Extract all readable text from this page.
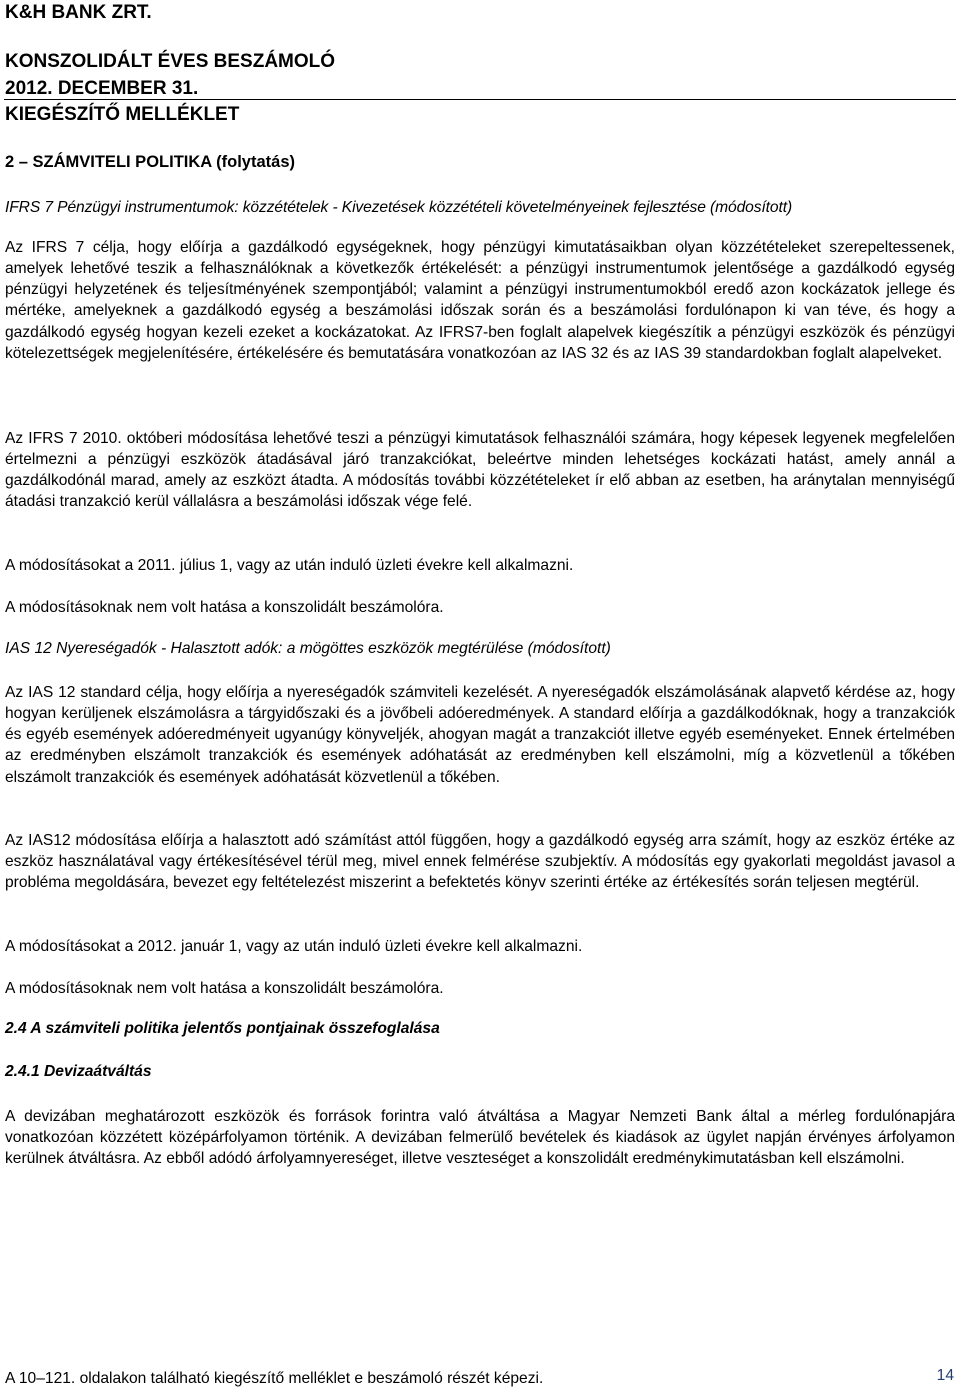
K&H BANK ZRT.
KONSZOLIDÁLT ÉVES BESZÁMOLÓ
2012. DECEMBER 31.
KIEGÉSZÍTŐ MELLÉKLET
2 – SZÁMVITELI POLITIKA (folytatás)
IFRS 7 Pénzügyi instrumentumok: közzétételek - Kivezetések közzétételi követelményeinek fejlesztése (módosított)

Az IFRS 7 célja, hogy előírja a gazdálkodó egységeknek, hogy pénzügyi kimutatásaikban olyan közzétételeket szerepeltessenek, amelyek lehetővé teszik a felhasználóknak a következők értékelését: a pénzügyi instrumentumok jelentősége a gazdálkodó egység pénzügyi helyzetének és teljesítményének szempontjából; valamint a pénzügyi instrumentumokból eredő azon kockázatok jellege és mértéke, amelyeknek a gazdálkodó egység a beszámolási időszak során és a beszámolási fordulónapon ki van téve, és hogy a gazdálkodó egység hogyan kezeli ezeket a kockázatokat. Az IFRS7-ben foglalt alapelvek kiegészítik a pénzügyi eszközök és pénzügyi kötelezettségek megjelenítésére, értékelésére és bemutatására vonatkozóan az IAS 32 és az IAS 39 standardokban foglalt alapelveket.

Az IFRS 7 2010. októberi módosítása lehetővé teszi a pénzügyi kimutatások felhasználói számára, hogy képesek legyenek megfelelően értelmezni a pénzügyi eszközök átadásával járó tranzakciókat, beleértve minden lehetséges kockázati hatást, amely annál a gazdálkodónál marad, amely az eszközt átadta. A módosítás további közzétételeket ír elő abban az esetben, ha aránytalan mennyiségű átadási tranzakció kerül vállalásra a beszámolási időszak vége felé.

A módosításokat a 2011. július 1, vagy az után induló üzleti évekre kell alkalmazni.
A módosításoknak nem volt hatása a konszolidált beszámolóra.
IAS 12 Nyereségadók - Halasztott adók: a mögöttes eszközök megtérülése (módosított)

Az IAS 12 standard célja, hogy előírja a nyereségadók számviteli kezelését. A nyereségadók elszámolásának alapvető kérdése az, hogy hogyan kerüljenek elszámolásra a tárgyidőszaki és a jövőbeli adóeredmények. A standard előírja a gazdálkodóknak, hogy a tranzakciók és egyéb események adóeredményeit ugyanúgy könyveljék, ahogyan magát a tranzakciót illetve egyéb eseményeket. Ennek értelmében az eredményben elszámolt tranzakciók és események adóhatását az eredményben kell elszámolni, míg a közvetlenül a tőkében elszámolt tranzakciók és események adóhatását közvetlenül a tőkében.

Az IAS12 módosítása előírja a halasztott adó számítást attól függően, hogy a gazdálkodó egység arra számít, hogy az eszköz értéke az eszköz használatával vagy értékesítésével térül meg, mivel ennek felmérése szubjektív. A módosítás egy gyakorlati megoldást javasol a probléma megoldására, bevezet egy feltételezést miszerint a befektetés könyv szerinti értéke az értékesítés során teljesen megtérül.

A módosításokat a 2012. január 1, vagy az után induló üzleti évekre kell alkalmazni.
A módosításoknak nem volt hatása a konszolidált beszámolóra.
2.4 A számviteli politika jelentős pontjainak összefoglalása
2.4.1 Devizaátváltás

A devizában meghatározott eszközök és források forintra való átváltása a Magyar Nemzeti Bank által a mérleg fordulónapjára vonatkozóan közzétett középárfolyamon történik. A devizában felmerülő bevételek és kiadások az ügylet napján érvényes árfolyamon kerülnek átváltásra. Az ebből adódó árfolyamnyereséget, illetve veszteséget a konszolidált eredménykimutatásban kell elszámolni.

A 10–121. oldalakon található kiegészítő melléklet e beszámoló részét képezi.	14
